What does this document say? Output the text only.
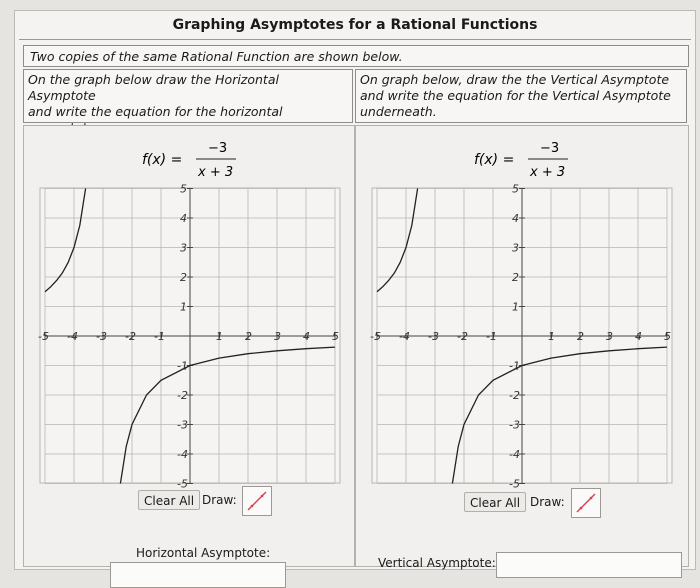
Graphing Asymptotes for a Rational Functions
Two copies of the same Rational Function are shown below.
On the graph below draw the Horizontal Asymptote
and write the equation for the horizontal
On graph below, draw the the Vertical Asymptote
and write the equation for the Vertical Asymptote
underneath.
f(x) =
−3
x + 3
-5 -4 -3 -2 -1	1 2 3 4 5
5
4
3
2
1
-1
-2
-3
-4
-5
Clear All Draw:
Horizontal Asymptote:
f(x) =
−3
x + 3
-5 -4 -3 -2 -1	1 2 3 4 5
5
4
3
2
1
-1
-2
-3
-4
-5
Clear All Draw:
Vertical Asymptote:
